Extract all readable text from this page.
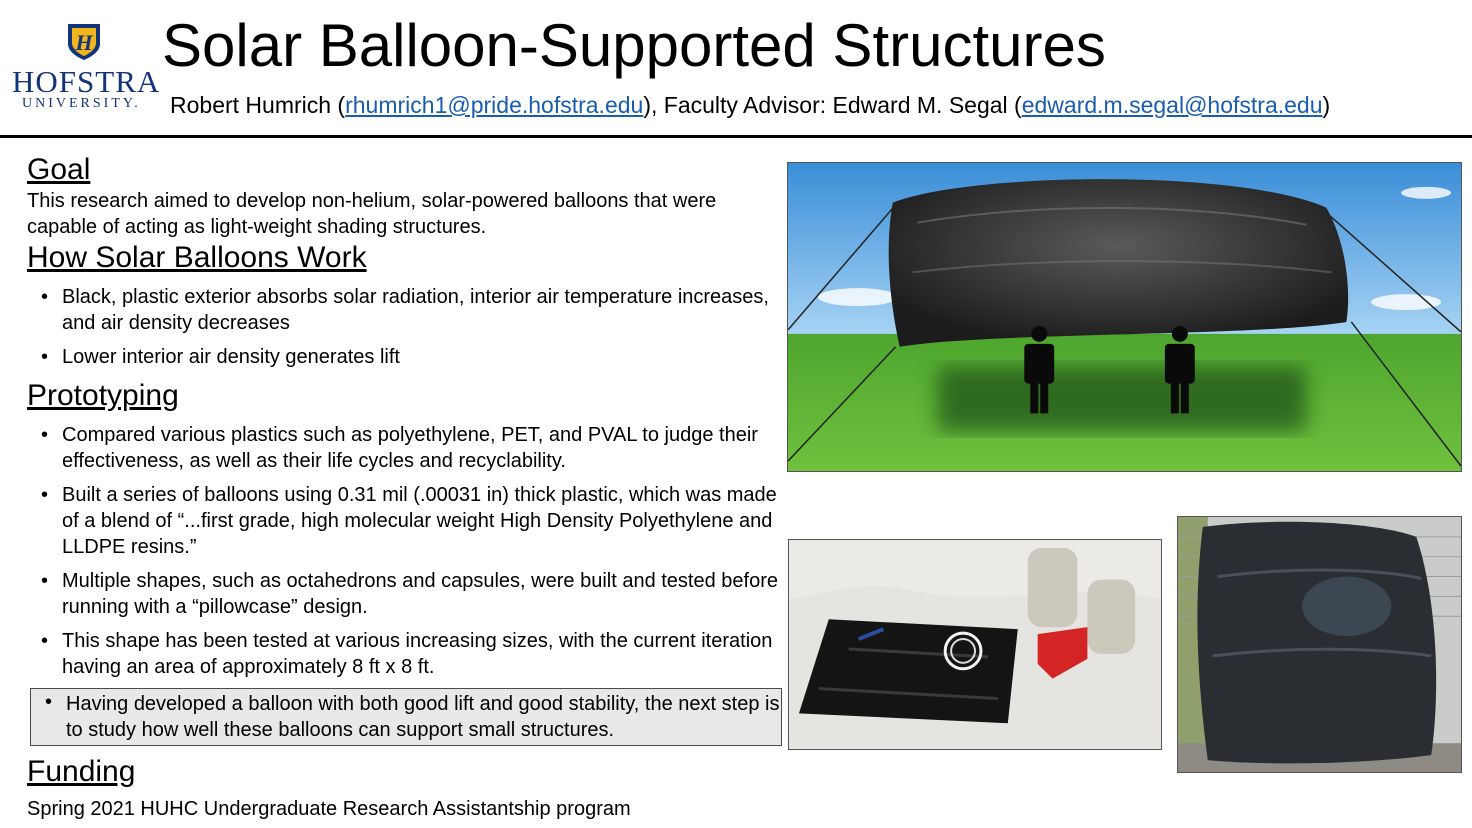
H
HOFSTRA
UNIVERSITY.
Solar Balloon-Supported Structures
Robert Humrich (rhumrich1@pride.hofstra.edu), Faculty Advisor: Edward M. Segal (edward.m.segal@hofstra.edu)
Goal
This research aimed to develop non-helium, solar-powered balloons that were capable of acting as light-weight shading structures.
How Solar Balloons Work
• Black, plastic exterior absorbs solar radiation, interior air temperature increases, and air density decreases
• Lower interior air density generates lift
Prototyping
• Compared various plastics such as polyethylene, PET, and PVAL to judge their effectiveness, as well as their life cycles and recyclability.
• Built a series of balloons using 0.31 mil (.00031 in) thick plastic, which was made of a blend of “...first grade, high molecular weight High Density Polyethylene and LLDPE resins.”
• Multiple shapes, such as octahedrons and capsules, were built and tested before running with a “pillowcase” design.
• This shape has been tested at various increasing sizes, with the current iteration having an area of approximately 8 ft x 8 ft.
• Having developed a balloon with both good lift and good stability, the next step is to study how well these balloons can support small structures.
Funding
Spring 2021 HUHC Undergraduate Research Assistantship program
